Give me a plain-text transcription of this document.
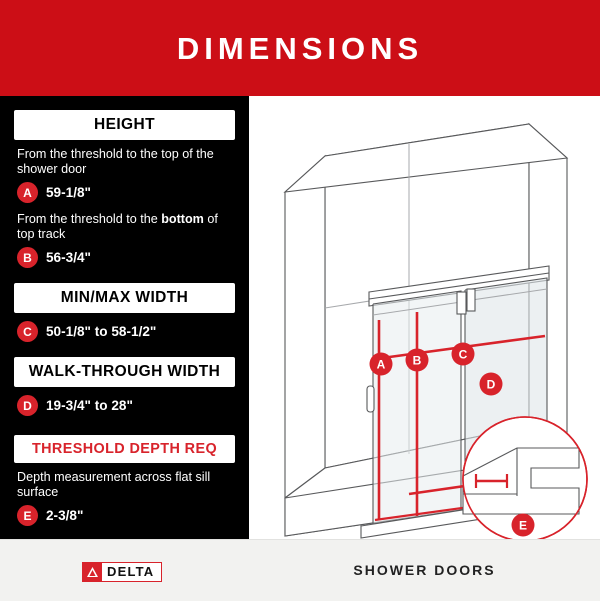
DIMENSIONS
HEIGHT
From the threshold to the top of the shower door
A	59-1/8"
From the threshold to the bottom of top track
B	56-3/4"
MIN/MAX WIDTH
C	50-1/8" to 58-1/2"
WALK-THROUGH WIDTH
D	19-3/4" to 28"
THRESHOLD DEPTH REQ
Depth measurement across flat sill surface
E	2-3/8"
A B	C
D
E
DELTA	SHOWER DOORS
